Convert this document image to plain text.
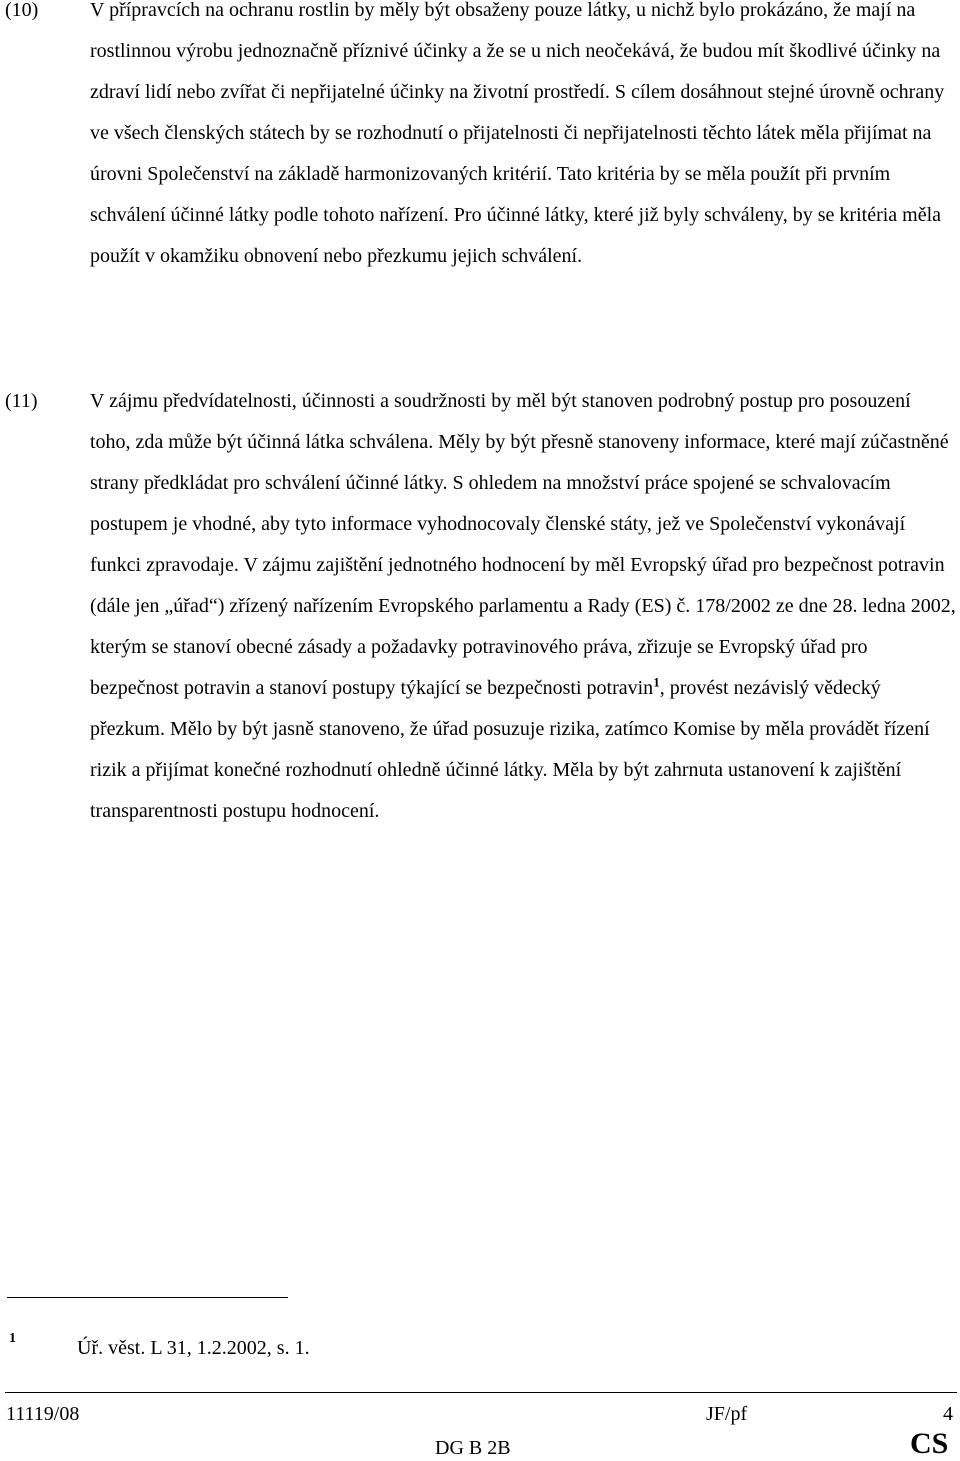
(10)	V přípravcích na ochranu rostlin by měly být obsaženy pouze látky, u nichž bylo prokázáno, že mají na rostlinnou výrobu jednoznačně příznivé účinky a že se u nich neočekává, že budou mít škodlivé účinky na zdraví lidí nebo zvířat či nepřijatelné účinky na životní prostředí. S cílem dosáhnout stejné úrovně ochrany ve všech členských státech by se rozhodnutí o přijatelnosti či nepřijatelnosti těchto látek měla přijímat na úrovni Společenství na základě harmonizovaných kritérií. Tato kritéria by se měla použít při prvním schválení účinné látky podle tohoto nařízení. Pro účinné látky, které již byly schváleny, by se kritéria měla použít v okamžiku obnovení nebo přezkumu jejich schválení.
(11)	V zájmu předvídatelnosti, účinnosti a soudržnosti by měl být stanoven podrobný postup pro posouzení toho, zda může být účinná látka schválena. Měly by být přesně stanoveny informace, které mají zúčastněné strany předkládat pro schválení účinné látky. S ohledem na množství práce spojené se schvalovacím postupem je vhodné, aby tyto informace vyhodnocovaly členské státy, jež ve Společenství vykonávají funkci zpravodaje. V zájmu zajištění jednotného hodnocení by měl Evropský úřad pro bezpečnost potravin (dále jen „úřad“) zřízený nařízením Evropského parlamentu a Rady (ES) č. 178/2002 ze dne 28. ledna 2002, kterým se stanoví obecné zásady a požadavky potravinového práva, zřizuje se Evropský úřad pro bezpečnost potravin a stanoví postupy týkající se bezpečnosti potravin$^1$, provést nezávislý vědecký přezkum. Mělo by být jasně stanoveno, že úřad posuzuje rizika, zatímco Komise by měla provádět řízení rizik a přijímat konečné rozhodnutí ohledně účinné látky. Měla by být zahrnuta ustanovení k zajištění transparentnosti postupu hodnocení.
1	Úř. věst. L 31, 1.2.2002, s. 1.
11119/08	JF/pf	4
DG B 2B	CS
